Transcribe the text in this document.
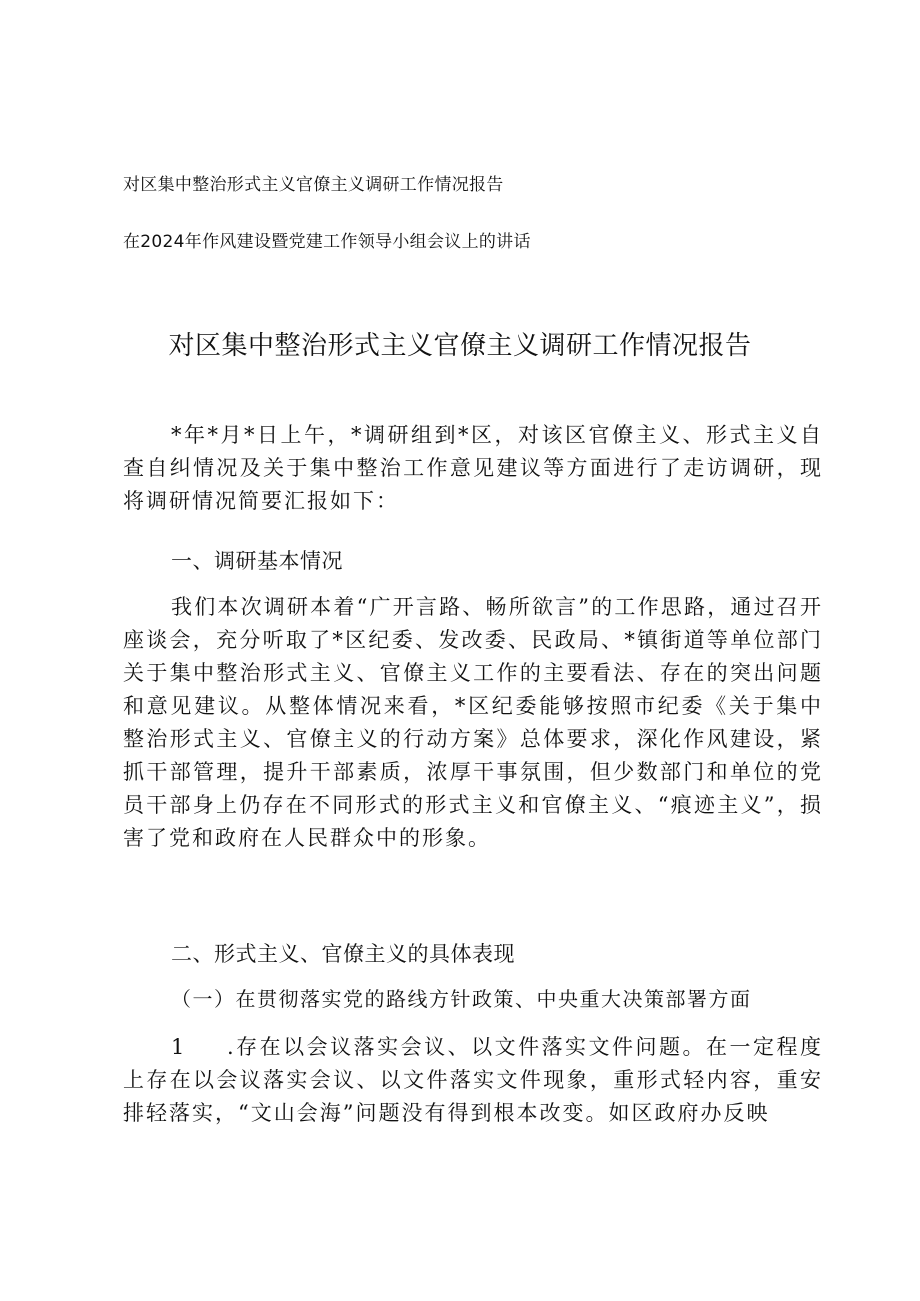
对区集中整治形式主义官僚主义调研工作情况报告
在2024年作风建设暨党建工作领导小组会议上的讲话
对区集中整治形式主义官僚主义调研工作情况报告

*年*月*日上午，*调研组到*区，对该区官僚主义、形式主义自查自纠情况及关于集中整治工作意见建议等方面进行了走访调研，现将调研情况简要汇报如下：

一、调研基本情况

我们本次调研本着“广开言路、畅所欲言”的工作思路，通过召开座谈会，充分听取了*区纪委、发改委、民政局、*镇街道等单位部门关于集中整治形式主义、官僚主义工作的主要看法、存在的突出问题和意见建议。从整体情况来看，*区纪委能够按照市纪委《关于集中整治形式主义、官僚主义的行动方案》总体要求，深化作风建设，紧抓干部管理，提升干部素质，浓厚干事氛围，但少数部门和单位的党员干部身上仍存在不同形式的形式主义和官僚主义、“痕迹主义”，损害了党和政府在人民群众中的形象。

二、形式主义、官僚主义的具体表现

（一）在贯彻落实党的路线方针政策、中央重大决策部署方面

1 .存在以会议落实会议、以文件落实文件问题。在一定程度上存在以会议落实会议、以文件落实文件现象，重形式轻内容，重安排轻落实，“文山会海”问题没有得到根本改变。如区政府办反映
